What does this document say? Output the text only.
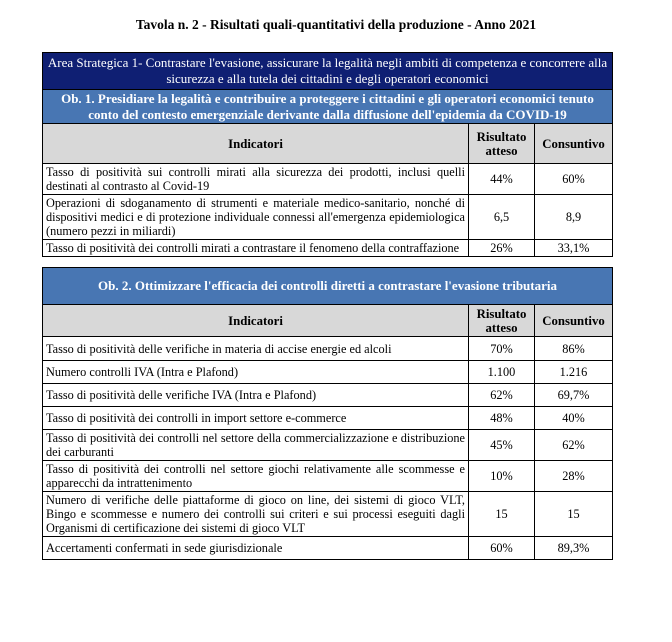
Tavola n. 2 - Risultati quali-quantitativi della produzione - Anno 2021
Area Strategica 1- Contrastare l'evasione, assicurare la legalità negli ambiti di competenza e concorrere alla sicurezza e alla tutela dei cittadini e degli operatori economici		
Ob. 1. Presidiare la legalità e contribuire a proteggere i cittadini e gli operatori economici tenuto conto del contesto emergenziale derivante dalla diffusione dell'epidemia da COVID-19		
Indicatori	Risultato atteso	Consuntivo
Tasso di positività sui controlli mirati alla sicurezza dei prodotti, inclusi quelli destinati al contrasto al Covid-19	44%	60%
Operazioni di sdoganamento di strumenti e materiale medico-sanitario, nonché di dispositivi medici e di protezione individuale connessi all'emergenza epidemiologica (numero pezzi in miliardi)	6,5	8,9
Tasso di positività dei controlli mirati a contrastare il fenomeno della contraffazione	26%	33,1%

Ob. 2. Ottimizzare l'efficacia dei controlli diretti a contrastare l'evasione tributaria		
Indicatori	Risultato atteso	Consuntivo
Tasso di positività delle verifiche in materia di accise energie ed alcoli	70%	86%
Numero controlli IVA (Intra e Plafond)	1.100	1.216
Tasso di positività delle verifiche IVA (Intra e Plafond)	62%	69,7%
Tasso di positività dei controlli in import settore e-commerce	48%	40%
Tasso di positività dei controlli nel settore della commercializzazione e distribuzione dei carburanti	45%	62%
Tasso di positività dei controlli nel settore giochi relativamente alle scommesse e apparecchi da intrattenimento	10%	28%
Numero di verifiche delle piattaforme di gioco on line, dei sistemi di gioco VLT, Bingo e scommesse e numero dei controlli sui criteri e sui processi eseguiti dagli Organismi di certificazione dei sistemi di gioco VLT	15	15
Accertamenti confermati in sede giurisdizionale	60%	89,3%
